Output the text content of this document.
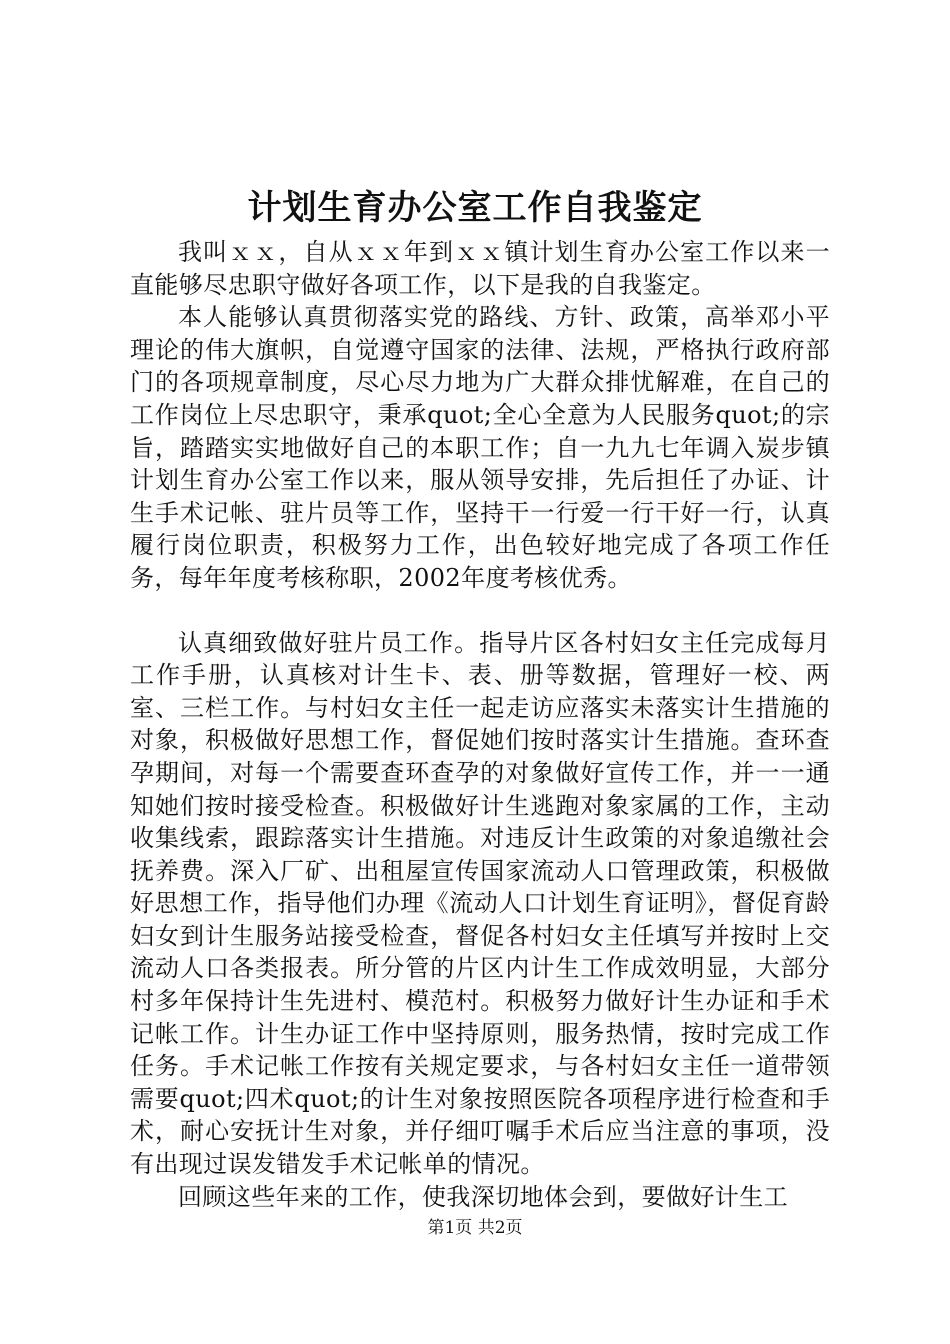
计划生育办公室工作自我鉴定

我叫ｘｘ，自从ｘｘ年到ｘｘ镇计划生育办公室工作以来一直能够尽忠职守做好各项工作，以下是我的自我鉴定。

本人能够认真贯彻落实党的路线、方针、政策，高举邓小平理论的伟大旗帜，自觉遵守国家的法律、法规，严格执行政府部门的各项规章制度，尽心尽力地为广大群众排忧解难，在自己的工作岗位上尽忠职守，秉承quot;全心全意为人民服务quot;的宗旨，踏踏实实地做好自己的本职工作；自一九九七年调入炭步镇计划生育办公室工作以来，服从领导安排，先后担任了办证、计生手术记帐、驻片员等工作，坚持干一行爱一行干好一行，认真履行岗位职责，积极努力工作，出色较好地完成了各项工作任务，每年年度考核称职，2002年度考核优秀。

认真细致做好驻片员工作。指导片区各村妇女主任完成每月工作手册，认真核对计生卡、表、册等数据，管理好一校、两室、三栏工作。与村妇女主任一起走访应落实未落实计生措施的对象，积极做好思想工作，督促她们按时落实计生措施。查环查孕期间，对每一个需要查环查孕的对象做好宣传工作，并一一通知她们按时接受检查。积极做好计生逃跑对象家属的工作，主动收集线索，跟踪落实计生措施。对违反计生政策的对象追缴社会抚养费。深入厂矿、出租屋宣传国家流动人口管理政策，积极做好思想工作，指导他们办理《流动人口计划生育证明》，督促育龄妇女到计生服务站接受检查，督促各村妇女主任填写并按时上交流动人口各类报表。所分管的片区内计生工作成效明显，大部分村多年保持计生先进村、模范村。积极努力做好计生办证和手术记帐工作。计生办证工作中坚持原则，服务热情，按时完成工作任务。手术记帐工作按有关规定要求，与各村妇女主任一道带领需要quot;四术quot;的计生对象按照医院各项程序进行检查和手术，耐心安抚计生对象，并仔细叮嘱手术后应当注意的事项，没有出现过误发错发手术记帐单的情况。

回顾这些年来的工作，使我深切地体会到，要做好计生工

第1页 共2页
